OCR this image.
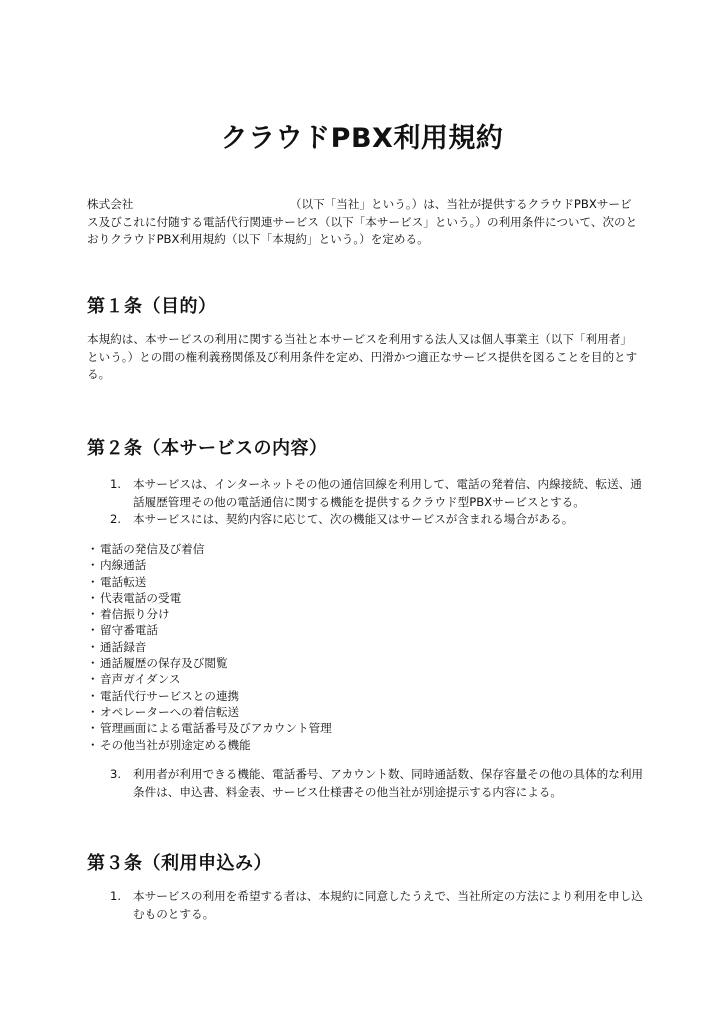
クラウドPBX利用規約

株式会社　　　　　　　　　　　　　　（以下「当社」という。）は、当社が提供するクラウドPBXサービス及びこれに付随する電話代行関連サービス（以下「本サービス」という。）の利用条件について、次のとおりクラウドPBX利用規約（以下「本規約」という。）を定める。

第１条（目的）

本規約は、本サービスの利用に関する当社と本サービスを利用する法人又は個人事業主（以下「利用者」という。）との間の権利義務関係及び利用条件を定め、円滑かつ適正なサービス提供を図ることを目的とする。

第２条（本サービスの内容）
1. 本サービスは、インターネットその他の通信回線を利用して、電話の発着信、内線接続、転送、通話履歴管理その他の電話通信に関する機能を提供するクラウド型PBXサービスとする。
2. 本サービスには、契約内容に応じて、次の機能又はサービスが含まれる場合がある。
・ 電話の発信及び着信
・ 内線通話
・ 電話転送
・ 代表電話の受電
・ 着信振り分け
・ 留守番電話
・ 通話録音
・ 通話履歴の保存及び閲覧
・ 音声ガイダンス
・ 電話代行サービスとの連携
・ オペレーターへの着信転送
・ 管理画面による電話番号及びアカウント管理
・ その他当社が別途定める機能
3. 利用者が利用できる機能、電話番号、アカウント数、同時通話数、保存容量その他の具体的な利用条件は、申込書、料金表、サービス仕様書その他当社が別途提示する内容による。
第３条（利用申込み）
1. 本サービスの利用を希望する者は、本規約に同意したうえで、当社所定の方法により利用を申し込むものとする。
